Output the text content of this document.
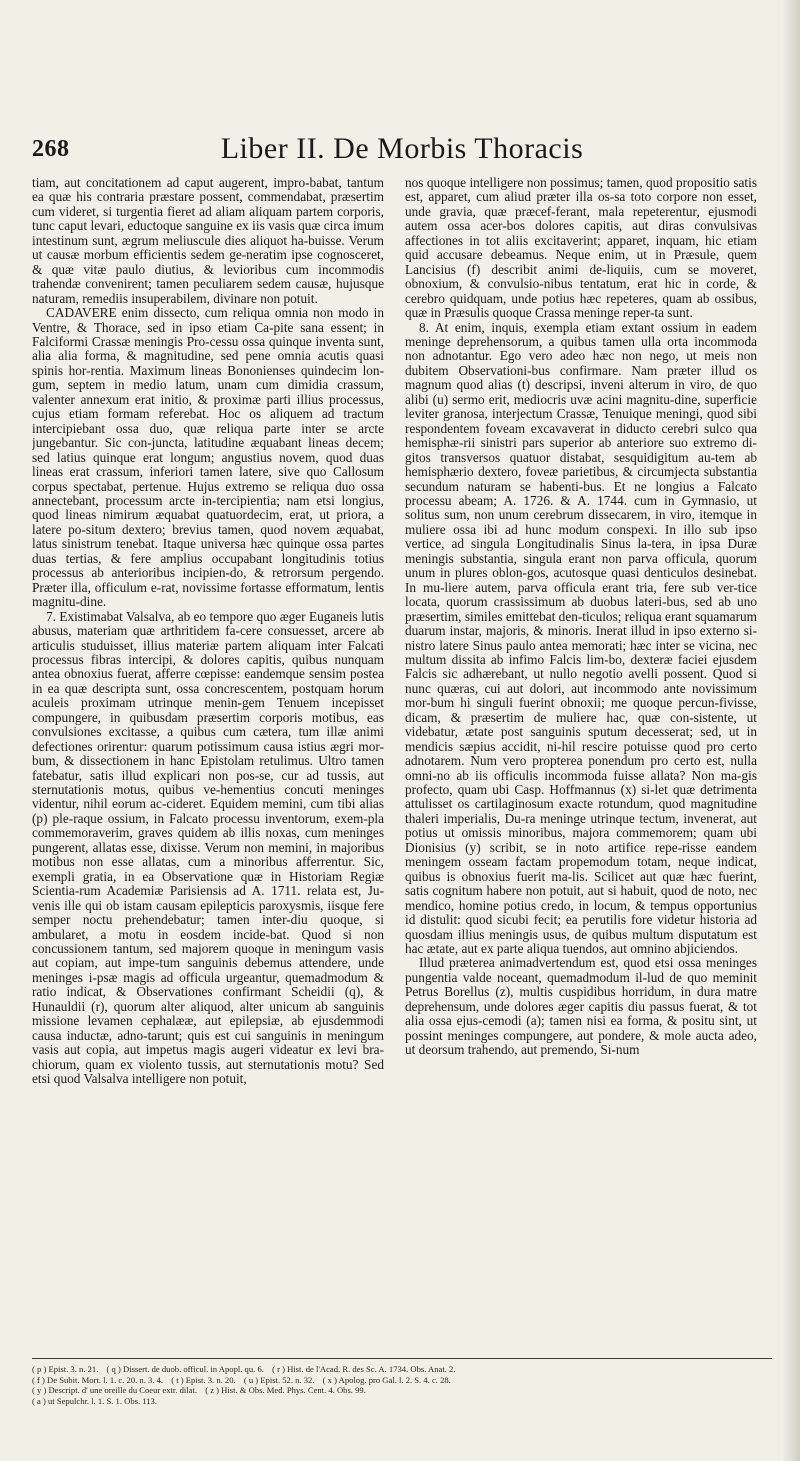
268	Liber II. De Morbis Thoracis

tiam, aut concitationem ad caput augerent, impro-babat, tantum ea quæ his contraria præstare possent, commendabat, præsertim cum videret, si turgentia fieret ad aliam aliquam partem corporis, tunc caput levari, eductoque sanguine ex iis vasis quæ circa imum intestinum sunt, ægrum meliuscule dies aliquot ha-buisse. Verum ut causæ morbum efficientis sedem ge-neratim ipse cognosceret, & quæ vitæ paulo diutius, & levioribus cum incommodis trahendæ convenirent; tamen peculiarem sedem causæ, hujusque naturam, remediis insuperabilem, divinare non potuit.

CADAVERE enim dissecto, cum reliqua omnia non modo in Ventre, & Thorace, sed in ipso etiam Ca-pite sana essent; in Falciformi Crassæ meningis Pro-cessu ossa quinque inventa sunt, alia alia forma, & magnitudine, sed pene omnia acutis quasi spinis hor-rentia. Maximum lineas Bononienses quindecim lon-gum, septem in medio latum, unam cum dimidia crassum, valenter annexum erat initio, & proximæ parti illius processus, cujus etiam formam referebat. Hoc os aliquem ad tractum intercipiebant ossa duo, quæ reliqua parte inter se arcte jungebantur. Sic con-juncta, latitudine æquabant lineas decem; sed latius quinque erat longum; angustius novem, quod duas lineas erat crassum, inferiori tamen latere, sive quo Callosum corpus spectabat, pertenue. Hujus extremo se reliqua duo ossa annectebant, processum arcte in-tercipientia; nam etsi longius, quod lineas nimirum æquabat quatuordecim, erat, ut priora, a latere po-situm dextero; brevius tamen, quod novem æquabat, latus sinistrum tenebat. Itaque universa hæc quinque ossa partes duas tertias, & fere amplius occupabant longitudinis totius processus ab anterioribus incipien-do, & retrorsum pergendo. Præter illa, officulum e-rat, novissime fortasse efformatum, lentis magnitu-dine.

7. Existimabat Valsalva, ab eo tempore quo æger Euganeis lutis abusus, materiam quæ arthritidem fa-cere consuesset, arcere ab articulis studuisset, illius materiæ partem aliquam inter Falcati processus fibras intercipi, & dolores capitis, quibus nunquam antea obnoxius fuerat, afferre cœpisse: eandemque sensim postea in ea quæ descripta sunt, ossa concrescentem, postquam horum aculeis proximam utrinque menin-gem Tenuem incepisset compungere, in quibusdam præsertim corporis motibus, eas convulsiones excitasse, a quibus cum cætera, tum illæ animi defectiones orirentur: quarum potissimum causa istius ægri mor-bum, & dissectionem in hanc Epistolam retulimus. Ultro tamen fatebatur, satis illud explicari non pos-se, cur ad tussis, aut sternutationis motus, quibus ve-hementius concuti meninges videntur, nihil eorum ac-cideret. Equidem memini, cum tibi alias (p) ple-raque ossium, in Falcato processu inventorum, exem-pla commemoraverim, graves quidem ab illis noxas, cum meninges pungerent, allatas esse, dixisse. Verum non memini, in majoribus motibus non esse allatas, cum a minoribus afferrentur. Sic, exempli gratia, in ea Observatione quæ in Historiam Regiæ Scientia-rum Academiæ Parisiensis ad A. 1711. relata est, Ju-venis ille qui ob istam causam epilepticis paroxysmis, iisque fere semper noctu prehendebatur; tamen inter-diu quoque, si ambularet, a motu in eosdem incide-bat. Quod si non concussionem tantum, sed majorem quoque in meningum vasis aut copiam, aut impe-tum sanguinis debemus attendere, unde meninges i-psæ magis ad officula urgeantur, quemadmodum & ratio indicat, & Observationes confirmant Scheidii (q), & Hunauldii (r), quorum alter aliquod, alter unicum ab sanguinis missione levamen cephalææ, aut epilepsiæ, ab ejusdemmodi causa inductæ, adno-tarunt; quis est cui sanguinis in meningum vasis aut copia, aut impetus magis augeri videatur ex levi bra-chiorum, quam ex violento tussis, aut sternutationis motu? Sed etsi quod Valsalva intelligere non potuit,

nos quoque intelligere non possimus; tamen, quod propositio satis est, apparet, cum aliud præter illa os-sa toto corpore non esset, unde gravia, quæ præcef-ferant, mala repeterentur, ejusmodi autem ossa acer-bos dolores capitis, aut diras convulsivas affectiones in tot aliis excitaverint; apparet, inquam, hic etiam quid accusare debeamus. Neque enim, ut in Præsule, quem Lancisius (f) describit animi de-liquiis, cum se moveret, obnoxium, & convulsio-nibus tentatum, erat hic in corde, & cerebro quidquam, unde potius hæc repeteres, quam ab ossibus, quæ in Præsulis quoque Crassa meninge reper-ta sunt.

8. At enim, inquis, exempla etiam extant ossium in eadem meninge deprehensorum, a quibus tamen ulla orta incommoda non adnotantur. Ego vero adeo hæc non nego, ut meis non dubitem Observationi-bus confirmare. Nam præter illud os magnum quod alias (t) descripsi, inveni alterum in viro, de quo alibi (u) sermo erit, mediocris uvæ acini magnitu-dine, superficie leviter granosa, interjectum Crassæ, Tenuique meningi, quod sibi respondentem foveam excavaverat in diducto cerebri sulco qua hemisphæ-rii sinistri pars superior ab anteriore suo extremo di-gitos transversos quatuor distabat, sesquidigitum au-tem ab hemisphærio dextero, foveæ parietibus, & circumjecta substantia secundum naturam se habenti-bus. Et ne longius a Falcato processu abeam; A. 1726. & A. 1744. cum in Gymnasio, ut solitus sum, non unum cerebrum dissecarem, in viro, itemque in muliere ossa ibi ad hunc modum conspexi. In illo sub ipso vertice, ad singula Longitudinalis Sinus la-tera, in ipsa Duræ meningis substantia, singula erant non parva officula, quorum unum in plures oblon-gos, acutosque quasi denticulos desinebat. In mu-liere autem, parva officula erant tria, fere sub ver-tice locata, quorum crassissimum ab duobus lateri-bus, sed ab uno præsertim, similes emittebat den-ticulos; reliqua erant squamarum duarum instar, majoris, & minoris. Inerat illud in ipso externo si-nistro latere Sinus paulo antea memorati; hæc inter se vicina, nec multum dissita ab infimo Falcis lim-bo, dexteræ faciei ejusdem Falcis sic adhærebant, ut nullo negotio avelli possent. Quod si nunc quæras, cui aut dolori, aut incommodo ante novissimum mor-bum hi singuli fuerint obnoxii; me quoque percun-fivisse, dicam, & præsertim de muliere hac, quæ con-sistente, ut videbatur, ætate post sanguinis sputum decesserat; sed, ut in mendicis sæpius accidit, ni-hil rescire potuisse quod pro certo adnotarem. Num vero propterea ponendum pro certo est, nulla omni-no ab iis officulis incommoda fuisse allata? Non ma-gis profecto, quam ubi Casp. Hoffmannus (x) si-let quæ detrimenta attulisset os cartilaginosum exacte rotundum, quod magnitudine thaleri imperialis, Du-ra meninge utrinque tectum, invenerat, aut potius ut omissis minoribus, majora commemorem; quam ubi Dionisius (y) scribit, se in noto artifice repe-risse eandem meningem osseam factam propemodum totam, neque indicat, quibus is obnoxius fuerit ma-lis. Scilicet aut quæ hæc fuerint, satis cognitum habere non potuit, aut si habuit, quod de noto, nec mendico, homine potius credo, in locum, & tempus opportunius id distulit: quod sicubi fecit; ea perutilis fore videtur historia ad quosdam illius meningis usus, de quibus multum disputatum est hac ætate, aut ex parte aliqua tuendos, aut omnino abjiciendos.

Illud præterea animadvertendum est, quod etsi ossa meninges pungentia valde noceant, quemadmodum il-lud de quo meminit Petrus Borellus (z), multis cuspidibus horridum, in dura matre deprehensum, unde dolores æger capitis diu passus fuerat, & tot alia ossa ejus-cemodi (a); tamen nisi ea forma, & positu sint, ut possint meninges compungere, aut pondere, & mole aucta adeo, ut deorsum trahendo, aut premendo, Si-num

( p ) Epist. 3. n. 21. ( q ) Dissert. de duob. officul. in Apopl. qu. 6. ( r ) Hist. de l'Acad. R. des Sc. A. 1734. Obs. Anat. 2.
( f ) De Subit. Mort. l. 1. c. 20. n. 3. 4. ( t ) Epist. 3. n. 20. ( u ) Epist. 52. n. 32. ( x ) Apolog. pro Gal. l. 2. S. 4. c. 28.
( y ) Descript. d' une oreille du Coeur extr. dilat. ( z ) Hist. & Obs. Med. Phys. Cent. 4. Obs. 99.
( a ) ut Sepulchr. l. 1. S. 1. Obs. 113.
